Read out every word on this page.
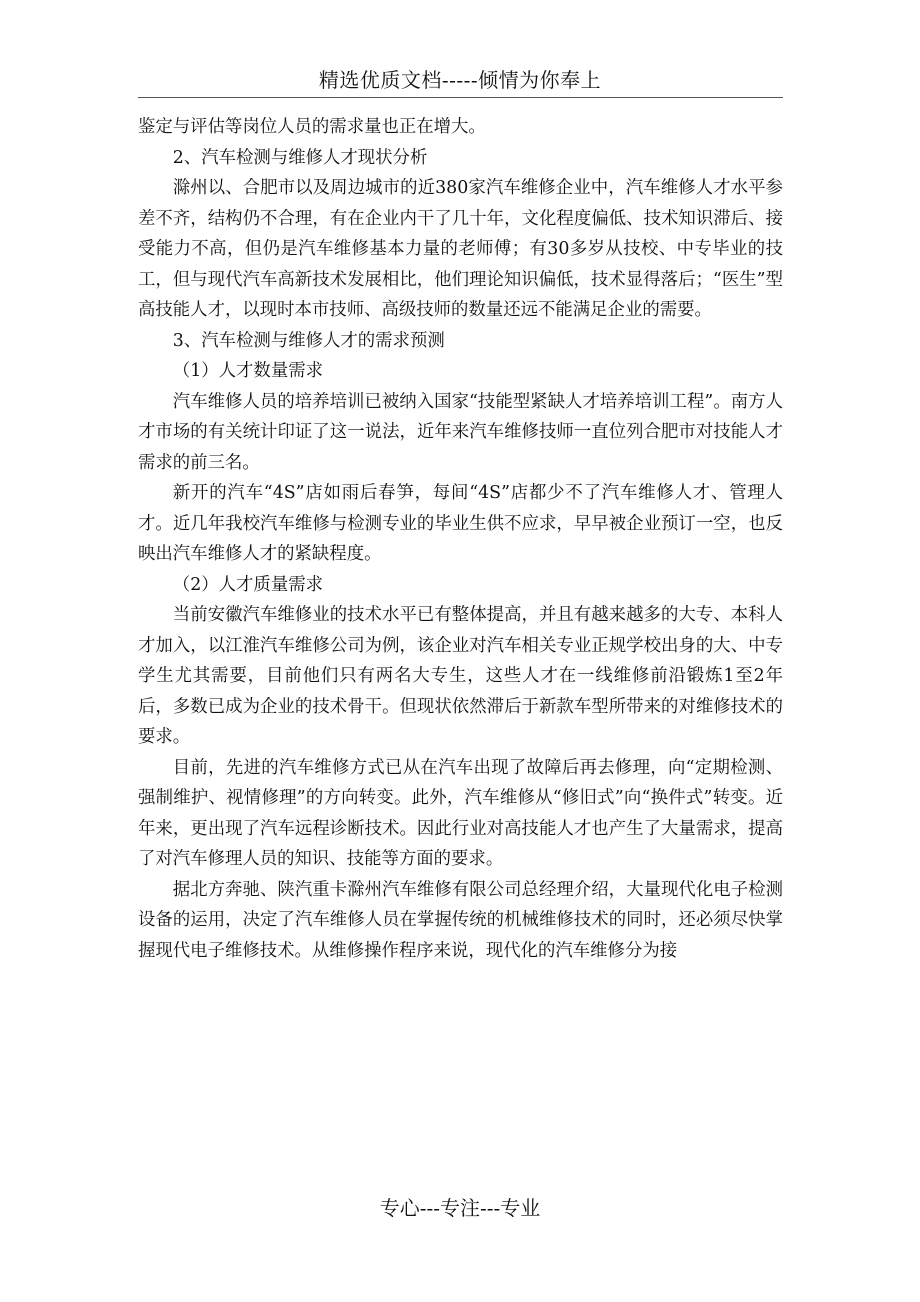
精选优质文档-----倾情为你奉上

鉴定与评估等岗位人员的需求量也正在增大。

2、汽车检测与维修人才现状分析

滁州以、合肥市以及周边城市的近380家汽车维修企业中，汽车维修人才水平参差不齐，结构仍不合理，有在企业内干了几十年，文化程度偏低、技术知识滞后、接受能力不高，但仍是汽车维修基本力量的老师傅；有30多岁从技校、中专毕业的技工，但与现代汽车高新技术发展相比，他们理论知识偏低，技术显得落后；“医生”型高技能人才，以现时本市技师、高级技师的数量还远不能满足企业的需要。

3、汽车检测与维修人才的需求预测

（1）人才数量需求

汽车维修人员的培养培训已被纳入国家“技能型紧缺人才培养培训工程”。南方人才市场的有关统计印证了这一说法，近年来汽车维修技师一直位列合肥市对技能人才需求的前三名。

新开的汽车“4S”店如雨后春笋，每间“4S”店都少不了汽车维修人才、管理人才。近几年我校汽车维修与检测专业的毕业生供不应求，早早被企业预订一空，也反映出汽车维修人才的紧缺程度。

（2）人才质量需求

当前安徽汽车维修业的技术水平已有整体提高，并且有越来越多的大专、本科人才加入，以江淮汽车维修公司为例，该企业对汽车相关专业正规学校出身的大、中专学生尤其需要，目前他们只有两名大专生，这些人才在一线维修前沿锻炼1至2年后，多数已成为企业的技术骨干。但现状依然滞后于新款车型所带来的对维修技术的要求。

目前，先进的汽车维修方式已从在汽车出现了故障后再去修理，向“定期检测、强制维护、视情修理”的方向转变。此外，汽车维修从“修旧式”向“换件式”转变。近年来，更出现了汽车远程诊断技术。因此行业对高技能人才也产生了大量需求，提高了对汽车修理人员的知识、技能等方面的要求。

据北方奔驰、陕汽重卡滁州汽车维修有限公司总经理介绍，大量现代化电子检测设备的运用，决定了汽车维修人员在掌握传统的机械维修技术的同时，还必须尽快掌握现代电子维修技术。从维修操作程序来说，现代化的汽车维修分为接

专心---专注---专业
